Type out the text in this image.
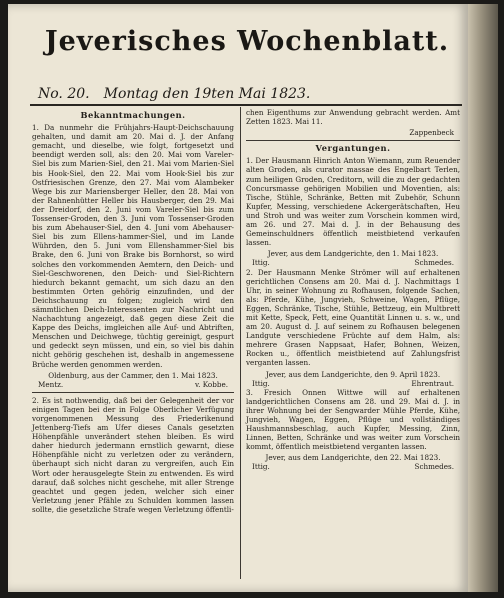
Jeverisches Wochenblatt.
No. 20. Montag den 19ten Mai 1823.
Bekanntmachungen.

1. Da nunmehr die Frühjahrs-Haupt-Deichschauung gehalten, und damit am 20. Mai d. J. der Anfang gemacht, und dieselbe, wie folgt, fortgesetzt und beendigt werden soll, als: den 20. Mai vom Vareler-Siel bis zum Marien-Siel, den 21. Mai vom Marien-Siel bis Hook-Siel, den 22. Mai vom Hook-Siel bis zur Ostfriesischen Grenze, den 27. Mai vom Alambeker Wege bis zur Mariensberger Heller, den 28. Mai von der Rahnenhütter Heller bis Hausberger, den 29. Mai der Dreidorf, den 2. Juni vom Vareler-Siel bis zum Tossenser-Groden, den 3. Juni vom Tossenser-Groden bis zum Abehauser-Siel, den 4. Juni vom Abehauser-Siel bis zum Ellens-hammer-Siel, und im Lande Wührden, den 5. Juni vom Ellenshammer-Siel bis Brake, den 6. Juni von Brake bis Bornhorst, so wird solches den vorkommenden Aemtern, den Deich- und Siel-Geschworenen, den Deich- und Siel-Richtern hiedurch bekannt gemacht, um sich dazu an den bestimmten Orten gehörig einzufinden, und der Deichschauung zu folgen; zugleich wird den sämmtlichen Deich-Interessenten zur Nachricht und Nachachtung angezeigt, daß gegen diese Zeit die Kappe des Deichs, imgleichen alle Auf- und Abtriften, Menschen und Deichwege, tüchtig gereinigt, gespurt und gedeckt seyn müssen, und ein, so viel bis dahin nicht gehörig geschehen ist, deshalb in angemessene Brüche werden genommen werden.

Oldenburg, aus der Cammer, den 1. Mai 1823.
Mentz.	v. Kobbe.

2. Es ist nothwendig, daß bei der Gelegenheit der vor einigen Tagen bei der in Folge Oberlicher Verfügung vorgenommenen Messung des Friederikenund Jettenberg-Tiefs am Ufer dieses Canals gesetzten Höhenpfähle unverändert stehen bleiben. Es wird daher hiedurch jedermann ernstlich gewarnt, diese Höhenpfähle nicht zu verletzen oder zu verändern, überhaupt sich nicht daran zu vergreifen, auch Ein Wort oder herausgelegte Stein zu entwenden. Es wird darauf, daß solches nicht geschehe, mit aller Strenge geachtet und gegen jeden, welcher sich einer Verletzung jener Pfähle zu Schulden kommen lassen sollte, die gesetzliche Strafe wegen Verletzung öffentli-

chen Eigenthums zur Anwendung gebracht werden. Amt Zetten 1823. Mai 11.

Zappenbeck
Vergantungen.

1. Der Hausmann Hinrich Anton Wiemann, zum Reuender alten Groden, als curator massae des Engelbart Terlen, zum heiligen Groden, Creditorn, will die zu der gedachten Concursmasse gehörigen Mobilien und Moventien, als: Tische, Stühle, Schränke, Betten mit Zubehör, Schunn Kupfer, Messing, verschiedene Ackergerätschaften, Heu und Stroh und was weiter zum Vorschein kommen wird, am 26. und 27. Mai d. J. in der Behausung des Gemeinschuldners öffentlich meistbietend verkaufen lassen.

Jever, aus dem Landgerichte, den 1. Mai 1823.
Ittig.	Schmedes.

2. Der Hausmann Menke Strömer will auf erhaltenen gerichtlichen Consens am 20. Mai d. J. Nachmittags 1 Uhr, in seiner Wohnung zu Rofhausen, folgende Sachen, als: Pferde, Kühe, Jungvieh, Schweine, Wagen, Pflüge, Eggen, Schränke, Tische, Stühle, Bettzeug, ein Multbrett mit Kette, Speck, Fett, eine Quantität Linnen u. s. w., und am 20. August d. J. auf seinem zu Rofhausen belegenen Landgute verschiedene Früchte auf dem Halm, als: mehrere Grasen Nappsaat, Hafer, Bohnen, Weizen, Rocken u., öffentlich meistbietend auf Zahlungsfrist verganten lassen.

Jever, aus dem Landgerichte, den 9. April 1823.
Ittig.	Ehrentraut.

3. Fresich Onnen Wittwe will auf erhaltenen landgerichtlichen Consens am 28. und 29. Mai d. J. in ihrer Wohnung bei der Sengwarder Mühle Pferde, Kühe, Jungvieh, Wagen, Eggen, Pflüge und vollständiges Haushmannsbeschlag, auch Kupfer, Messing, Zinn, Linnen, Betten, Schränke und was weiter zum Vorschein kommt, öffentlich meistbietend verganten lassen.

Jever, aus dem Landgerichte, den 22. Mai 1823.
Ittig.	Schmedes.
